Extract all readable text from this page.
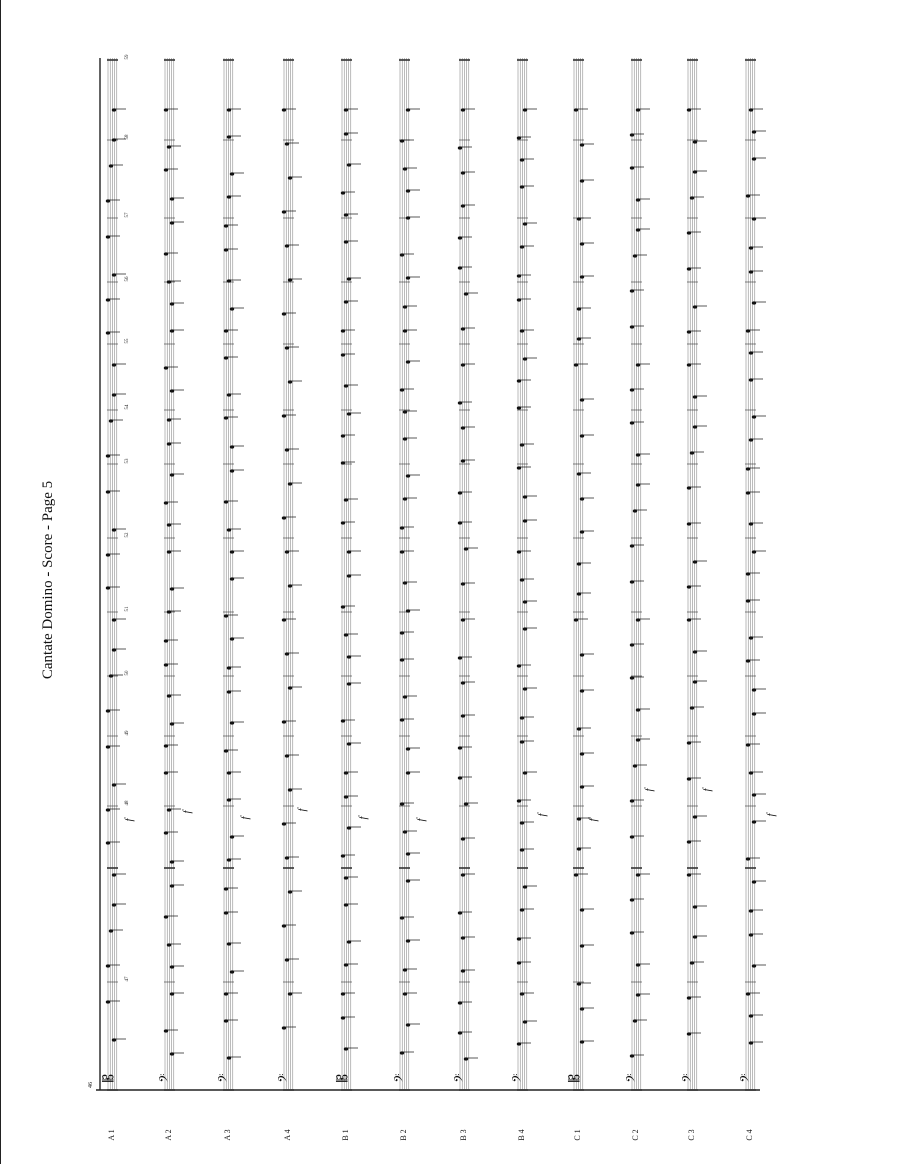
Cantate Domino - Score - Page 5
46
𝄡
A 1
𝄢
A 2
𝄢
A 3
𝄢
A 4
𝄡
B 1
𝄢
B 2
𝄢
B 3
𝄢
B 4
𝄡
C 1
𝄢
C 2
𝄢
C 3
𝄢
C 4
47
48
49
50
51
52
53
54
55
56
57
58
59
f
f
f
f
f
f
f
f
f	f
f
